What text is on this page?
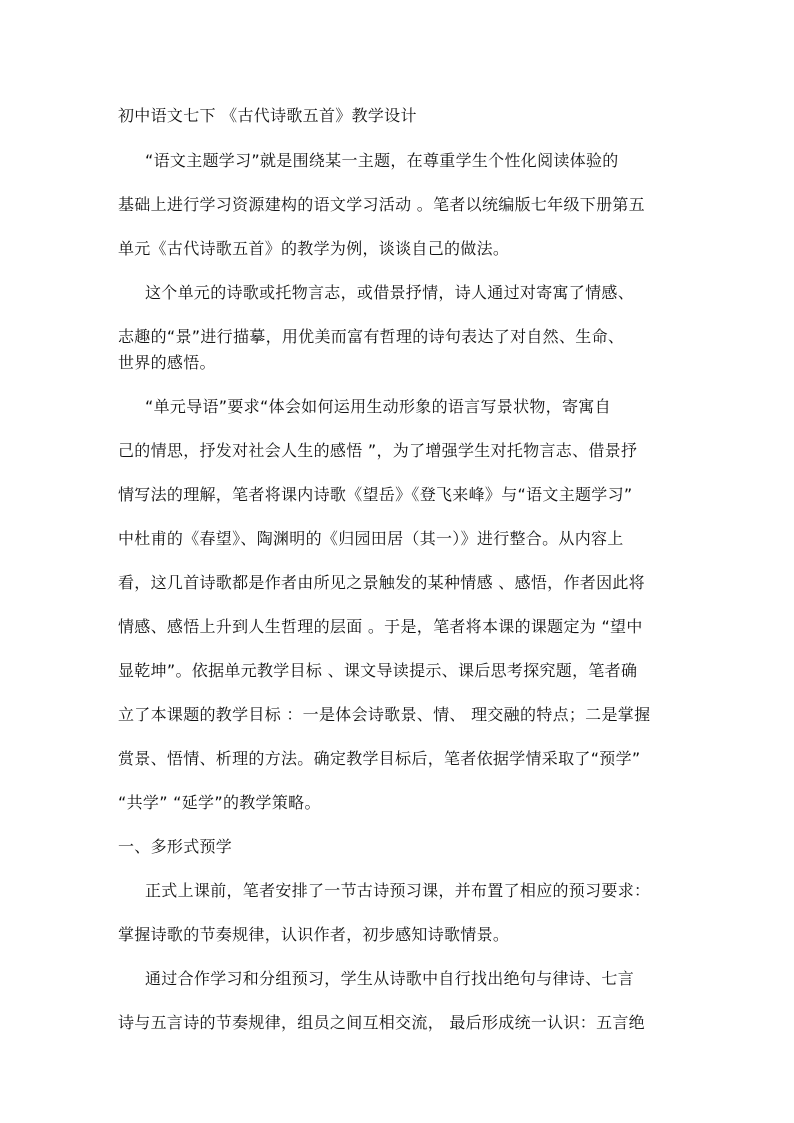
初中语文七下 《古代诗歌五首》教学设计
“语文主题学习”就是围绕某一主题，在尊重学生个性化阅读体验的
基础上进行学习资源建构的语文学习活动 。笔者以统编版七年级下册第五
单元《古代诗歌五首》的教学为例，谈谈自己的做法。
这个单元的诗歌或托物言志，或借景抒情，诗人通过对寄寓了情感、
志趣的“景”进行描摹，用优美而富有哲理的诗句表达了对自然、生命、
世界的感悟。
“单元导语”要求“体会如何运用生动形象的语言写景状物，寄寓自
己的情思，抒发对社会人生的感悟 ”，为了增强学生对托物言志、借景抒
情写法的理解，笔者将课内诗歌《望岳》《登飞来峰》与“语文主题学习”
中杜甫的《春望》、陶渊明的《归园田居（其一）》进行整合。从内容上
看，这几首诗歌都是作者由所见之景触发的某种情感 、感悟，作者因此将
情感、感悟上升到人生哲理的层面 。于是，笔者将本课的课题定为 “望中
显乾坤”。依据单元教学目标 、课文导读提示、课后思考探究题，笔者确
立了本课题的教学目标 ：一是体会诗歌景、情、 理交融的特点；二是掌握
赏景、悟情、析理的方法。确定教学目标后，笔者依据学情采取了“预学”
“共学” “延学”的教学策略。
一、多形式预学
正式上课前，笔者安排了一节古诗预习课，并布置了相应的预习要求：
掌握诗歌的节奏规律，认识作者，初步感知诗歌情景。
通过合作学习和分组预习，学生从诗歌中自行找出绝句与律诗、七言
诗与五言诗的节奏规律，组员之间互相交流， 最后形成统一认识：五言绝
